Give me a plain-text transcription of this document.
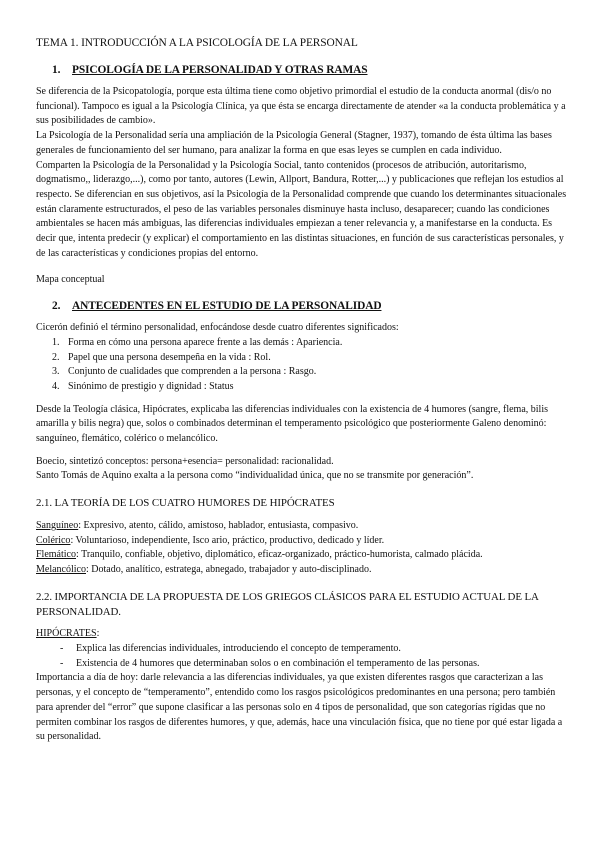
TEMA 1. INTRODUCCIÓN A LA PSICOLOGÍA DE LA PERSONAL
1. PSICOLOGÍA DE LA PERSONALIDAD Y OTRAS RAMAS

Se diferencia de la Psicopatología, porque esta última tiene como objetivo primordial el estudio de la conducta anormal (dis/o no funcional). Tampoco es igual a la Psicología Clínica, ya que ésta se encarga directamente de atender «a la conducta problemática y a sus posibilidades de cambio».

La Psicología de la Personalidad sería una ampliación de la Psicología General (Stagner, 1937), tomando de ésta última las bases generales de funcionamiento del ser humano, para analizar la forma en que esas leyes se cumplen en cada individuo.

Comparten la Psicología de la Personalidad y la Psicología Social, tanto contenidos (procesos de atribución, autoritarismo, dogmatismo,, liderazgo,...), como por tanto, autores (Lewin, Allport, Bandura, Rotter,...) y publicaciones que reflejan los estudios al respecto. Se diferencian en sus objetivos, así la Psicología de la Personalidad comprende que cuando los determinantes situacionales están claramente estructurados, el peso de las variables personales disminuye hasta incluso, desaparecer; cuando las condiciones ambientales se hacen más ambiguas, las diferencias individuales empiezan a tener relevancia y, a manifestarse en la conducta. Es decir que, intenta predecir (y explicar) el comportamiento en las distintas situaciones, en función de sus características personales, y de las características y condiciones propias del entorno.

Mapa conceptual

2. ANTECEDENTES EN EL ESTUDIO DE LA PERSONALIDAD

Cicerón definió el término personalidad, enfocándose desde cuatro diferentes significados:

1. Forma en cómo una persona aparece frente a las demás : Apariencia.
2. Papel que una persona desempeña en la vida : Rol.
3. Conjunto de cualidades que comprenden a la persona : Rasgo.
4. Sinónimo de prestigio y dignidad : Status

Desde la Teología clásica, Hipócrates, explicaba las diferencias individuales con la existencia de 4 humores (sangre, flema, bilis amarilla y bilis negra) que, solos o combinados determinan el temperamento psicológico que posteriormente Galeno denominó: sanguíneo, flemático, colérico o melancólico.

Boecio, sintetizó conceptos: persona+esencia= personalidad: racionalidad.

Santo Tomás de Aquino exalta a la persona como “individualidad única, que no se transmite por generación”.

2.1. LA TEORÍA DE LOS CUATRO HUMORES DE HIPÓCRATES

Sanguíneo: Expresivo, atento, cálido, amistoso, hablador, entusiasta, compasivo.

Colérico: Voluntarioso, independiente, Isco ario, práctico, productivo, dedicado y líder.

Flemático: Tranquilo, confiable, objetivo, diplomático, eficaz-organizado, práctico-humorista, calmado plácida.

Melancólico: Dotado, analítico, estratega, abnegado, trabajador y auto-disciplinado.

2.2. IMPORTANCIA DE LA PROPUESTA DE LOS GRIEGOS CLÁSICOS PARA EL ESTUDIO ACTUAL DE LA PERSONALIDAD.

HIPÓCRATES:

- Explica las diferencias individuales, introduciendo el concepto de temperamento.
- Existencia de 4 humores que determinaban solos o en combinación el temperamento de las personas.

Importancia a día de hoy: darle relevancia a las diferencias individuales, ya que existen diferentes rasgos que caracterizan a las personas, y el concepto de “temperamento”, entendido como los rasgos psicológicos predominantes en una persona; pero también para aprender del “error” que supone clasificar a las personas solo en 4 tipos de personalidad, que son categorías rígidas que no permiten combinar los rasgos de diferentes humores, y que, además, hace una vinculación física, que no tiene por qué estar ligada a su personalidad.
